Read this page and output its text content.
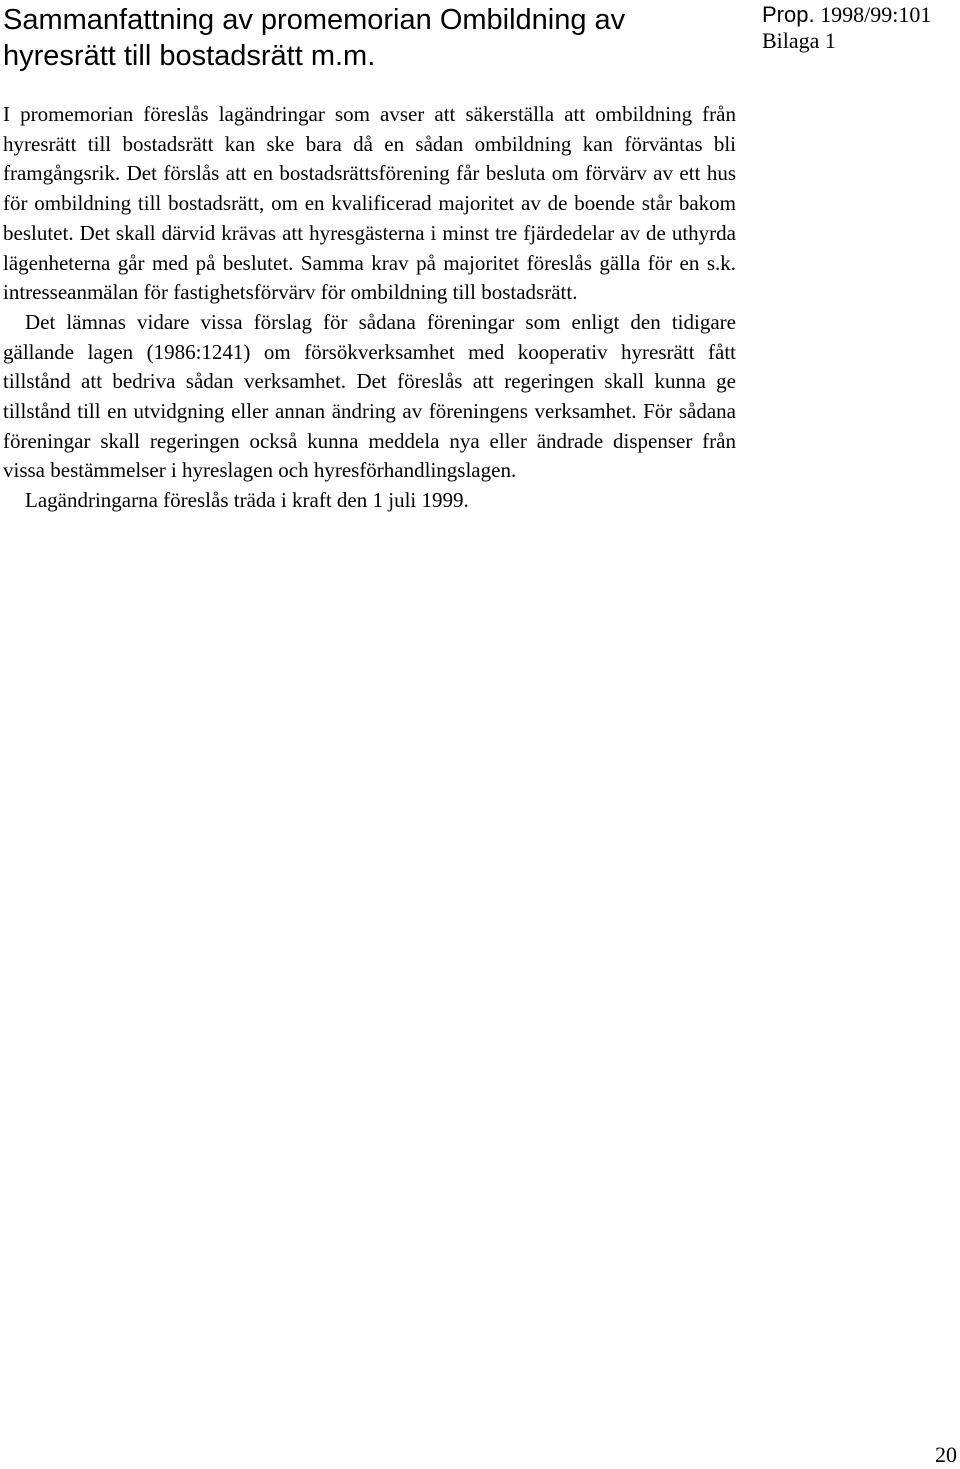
Sammanfattning av promemorian Ombildning av
hyresrätt till bostadsrätt m.m.
Prop. 1998/99:101
Bilaga 1

I promemorian föreslås lagändringar som avser att säkerställa att ombildning från hyresrätt till bostadsrätt kan ske bara då en sådan ombildning kan förväntas bli framgångsrik. Det förslås att en bostadsrättsförening får besluta om förvärv av ett hus för ombildning till bostadsrätt, om en kvalificerad majoritet av de boende står bakom beslutet. Det skall därvid krävas att hyresgästerna i minst tre fjärdedelar av de uthyrda lägenheterna går med på beslutet. Samma krav på majoritet föreslås gälla för en s.k. intresseanmälan för fastighetsförvärv för ombildning till bostadsrätt.

Det lämnas vidare vissa förslag för sådana föreningar som enligt den tidigare gällande lagen (1986:1241) om försökverksamhet med kooperativ hyresrätt fått tillstånd att bedriva sådan verksamhet. Det föreslås att regeringen skall kunna ge tillstånd till en utvidgning eller annan ändring av föreningens verksamhet. För sådana föreningar skall regeringen också kunna meddela nya eller ändrade dispenser från vissa bestämmelser i hyreslagen och hyresförhandlingslagen.

Lagändringarna föreslås träda i kraft den 1 juli 1999.

20
